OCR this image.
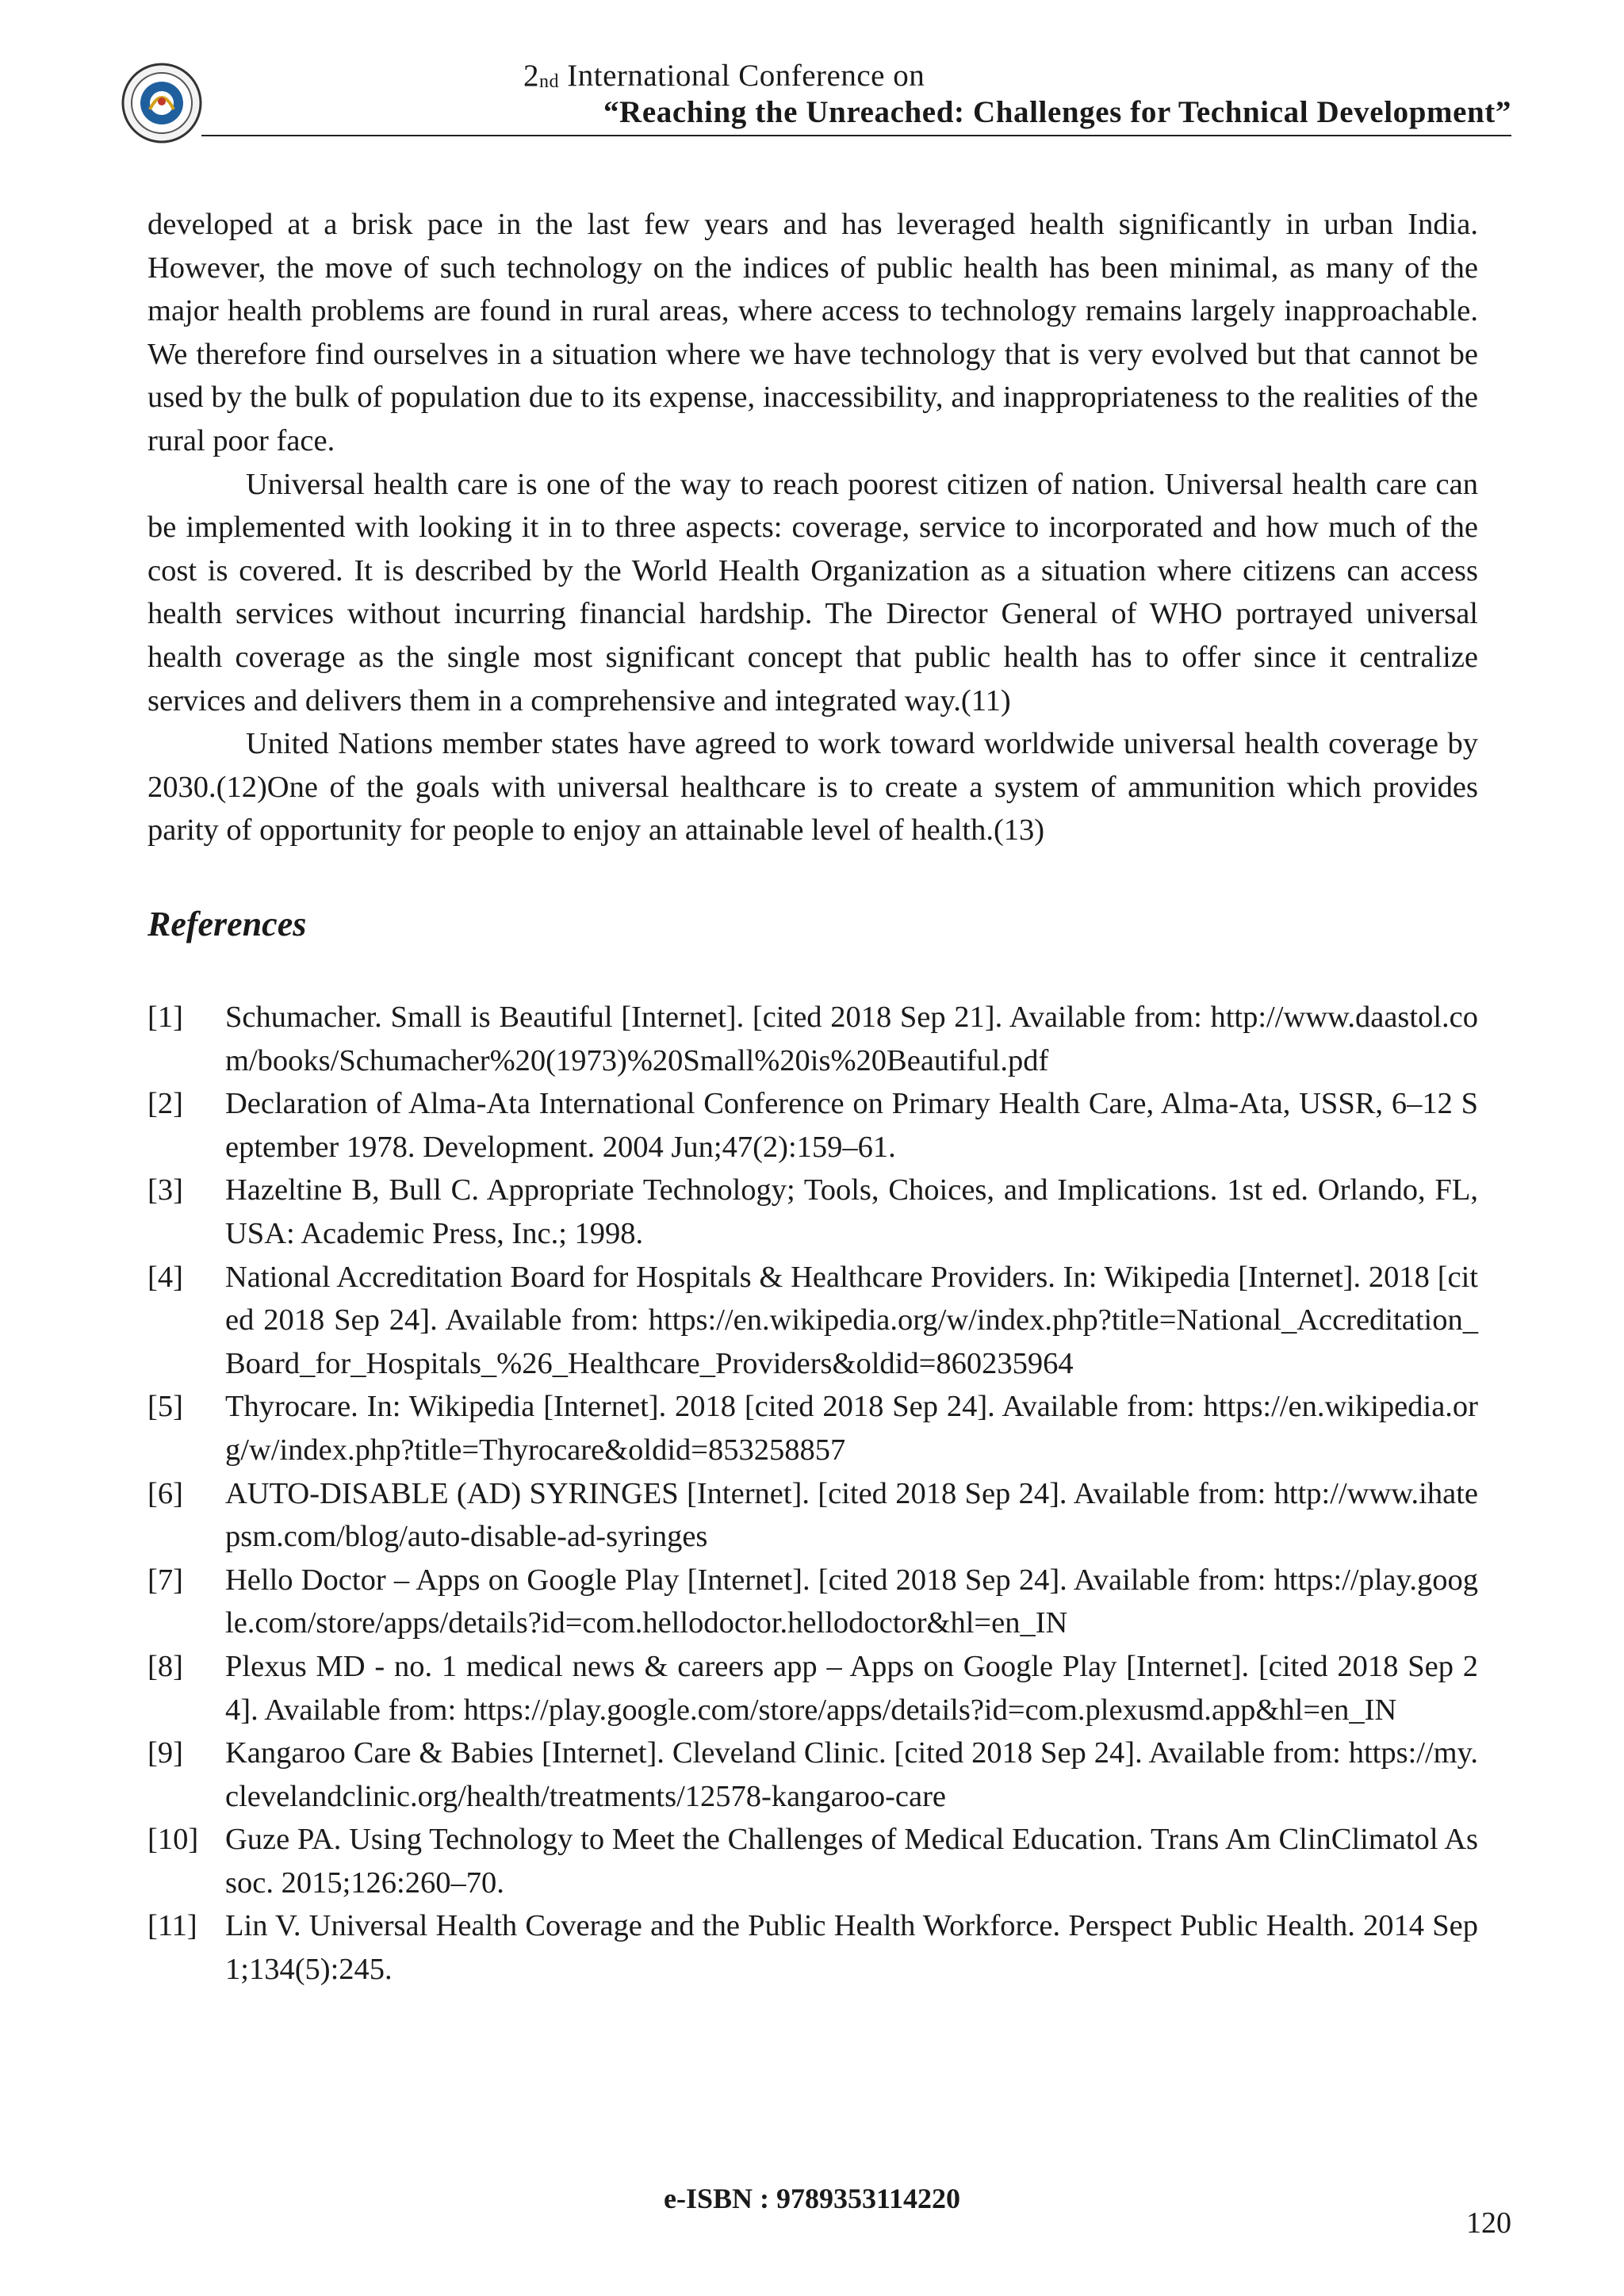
$2_{nd}$ International Conference on
“Reaching the Unreached: Challenges for Technical Development”

developed at a brisk pace in the last few years and has leveraged health significantly in urban India. However, the move of such technology on the indices of public health has been minimal, as many of the major health problems are found in rural areas, where access to technology remains largely inapproachable. We therefore find ourselves in a situation where we have technology that is very evolved but that cannot be used by the bulk of population due to its expense, inaccessibility, and inappropriateness to the realities of the rural poor face.

Universal health care is one of the way to reach poorest citizen of nation. Universal health care can be implemented with looking it in to three aspects: coverage, service to incorporated and how much of the cost is covered. It is described by the World Health Organization as a situation where citizens can access health services without incurring financial hardship. The Director General of WHO portrayed universal health coverage as the single most significant concept that public health has to offer since it centralize services and delivers them in a comprehensive and integrated way.(11)

United Nations member states have agreed to work toward worldwide universal health coverage by 2030.(12)One of the goals with universal healthcare is to create a system of ammunition which provides parity of opportunity for people to enjoy an attainable level of health.(13)

References
[1]	Schumacher. Small is Beautiful [Internet]. [cited 2018 Sep 21]. Available from: http://www.daastol.com/books/Schumacher%20(1973)%20Small%20is%20Beautiful.pdf
[2]	Declaration of Alma-Ata International Conference on Primary Health Care, Alma-Ata, USSR, 6–12 September 1978. Development. 2004 Jun;47(2):159–61.
[3]	Hazeltine B, Bull C. Appropriate Technology; Tools, Choices, and Implications. 1st ed. Orlando, FL, USA: Academic Press, Inc.; 1998.
[4]	National Accreditation Board for Hospitals & Healthcare Providers. In: Wikipedia [Internet]. 2018 [cited 2018 Sep 24]. Available from: https://en.wikipedia.org/w/index.php?title=National_Accreditation_Board_for_Hospitals_%26_Healthcare_Providers&oldid=860235964
[5]	Thyrocare. In: Wikipedia [Internet]. 2018 [cited 2018 Sep 24]. Available from: https://en.wikipedia.org/w/index.php?title=Thyrocare&oldid=853258857
[6]	AUTO-DISABLE (AD) SYRINGES [Internet]. [cited 2018 Sep 24]. Available from: http://www.ihatepsm.com/blog/auto-disable-ad-syringes
[7]	Hello Doctor – Apps on Google Play [Internet]. [cited 2018 Sep 24]. Available from: https://play.google.com/store/apps/details?id=com.hellodoctor.hellodoctor&hl=en_IN
[8]	Plexus MD - no. 1 medical news & careers app – Apps on Google Play [Internet]. [cited 2018 Sep 24]. Available from: https://play.google.com/store/apps/details?id=com.plexusmd.app&hl=en_IN
[9]	Kangaroo Care & Babies [Internet]. Cleveland Clinic. [cited 2018 Sep 24]. Available from: https://my.clevelandclinic.org/health/treatments/12578-kangaroo-care
[10] Guze PA. Using Technology to Meet the Challenges of Medical Education. Trans Am ClinClimatol Assoc. 2015;126:260–70.
[11] Lin V. Universal Health Coverage and the Public Health Workforce. Perspect Public Health. 2014 Sep 1;134(5):245.
e-ISBN : 9789353114220
120
